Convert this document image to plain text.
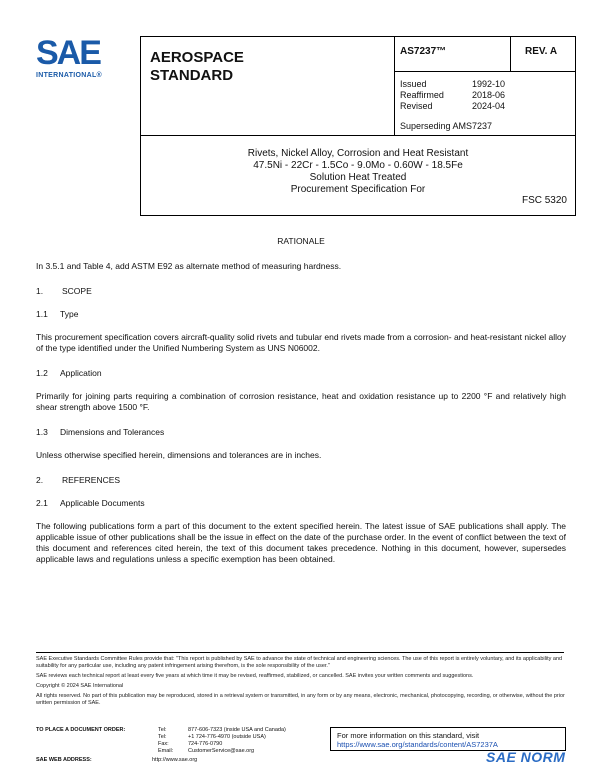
SAE
INTERNATIONAL®
AEROSPACE
STANDARD
AS7237™	REV. A
Issued	1992-10
Reaffirmed	2018-06
Revised	2024-04
Superseding AMS7237
Rivets, Nickel Alloy, Corrosion and Heat Resistant
47.5Ni - 22Cr - 1.5Co - 9.0Mo - 0.60W - 18.5Fe
Solution Heat Treated
Procurement Specification For
FSC 5320
RATIONALE
In 3.5.1 and Table 4, add ASTM E92 as alternate method of measuring hardness.
1. SCOPE
1.1 Type
This procurement specification covers aircraft-quality solid rivets and tubular end rivets made from a corrosion- and heat-resistant nickel alloy of the type identified under the Unified Numbering System as UNS N06002.
1.2 Application
Primarily for joining parts requiring a combination of corrosion resistance, heat and oxidation resistance up to 2200 °F and relatively high shear strength above 1500 °F.
1.3 Dimensions and Tolerances
Unless otherwise specified herein, dimensions and tolerances are in inches.
2. REFERENCES
2.1 Applicable Documents
The following publications form a part of this document to the extent specified herein. The latest issue of SAE publications shall apply. The applicable issue of other publications shall be the issue in effect on the date of the purchase order. In the event of conflict between the text of this document and references cited herein, the text of this document takes precedence. Nothing in this document, however, supersedes applicable laws and regulations unless a specific exemption has been obtained.

SAE Executive Standards Committee Rules provide that: "This report is published by SAE to advance the state of technical and engineering sciences. The use of this report is entirely voluntary, and its applicability and suitability for any particular use, including any patent infringement arising therefrom, is the sole responsibility of the user."

SAE reviews each technical report at least every five years at which time it may be revised, reaffirmed, stabilized, or cancelled. SAE invites your written comments and suggestions.

Copyright © 2024 SAE International

All rights reserved. No part of this publication may be reproduced, stored in a retrieval system or transmitted, in any form or by any means, electronic, mechanical, photocopying, recording, or otherwise, without the prior written permission of SAE.

TO PLACE A DOCUMENT ORDER:	Tel:	877-606-7323 (inside USA and Canada)
Tel:	+1 724-776-4970 (outside USA)
Fax:	724-776-0790
Email:	CustomerService@sae.org
SAE WEB ADDRESS:	http://www.sae.org
For more information on this standard, visit
https://www.sae.org/standards/content/AS7237A
SAE NORM
